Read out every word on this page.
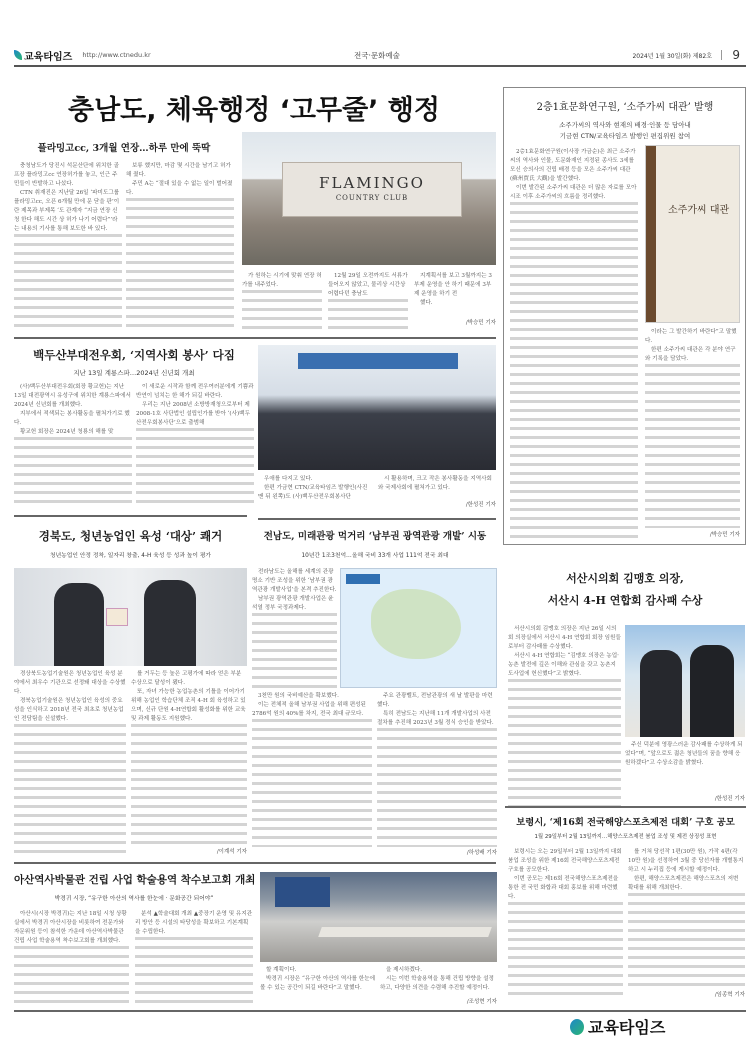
교육타임즈 http://www.ctnedu.kr	전국·문화예술	2024년 1월 30일(화) 제82호 9
충남도, 체육행정 ‘고무줄’ 행정
플라밍고cc, 3개월 연장…하루 만에 뚝딱
FLAMINGO
COUNTRY CLUB

충청남도가 당진시 석문산단에 위치한 골프장 플라밍고cc 연장허가를 놓고, 인근 주민들이 반발하고 나섰다.

CTN 취재진은 지난달 26일 ‘파미도그룹 플라밍고cc, 오픈 6개월 만에 문 닫을 판’이란 제목과 부제목 ‘도 관계자 “지금 연장 신청 한다 해도 시간 상 허가 나기 어렵다”’라는 내용의 기사를 통해 보도한 바 있다.

보류 했지만, 마감 몇 시간을 남기고 허가 해 줬다.

주민 A는 “절대 있을 수 없는 일이 벌어졌다.

가 원하는 시기에 맞춰 연장 허가를 내주었다.

12월 29일 오전까지도 서류가 들어오지 않았고, 물리상 시간상 어렵다던 충남도

지계획서를 보고 3월까지는 3부제 운영을 안 하기 때문에 3부제 운영을 하기 전

했다.

/박승민 기자
2층1효문화연구원, ‘소주가씨 대관’ 발행
소주가씨의 역사와 현재의 배경·인물 등 담아내
기금현 CTN/교육타임즈 발행인 편집위원 참여
소주가씨 대관

2층1효문화연구원(이사장 가금순)은 최근 소주가씨의 역사와 인물, 도문화재인 지정된 종사도 3세를 모신 승의사의 건립 배경 등을 모은 소주가씨 대관(蘇州賈氏 大觀)을 발간했다.

이번 발간된 소주가씨 대관은 더 많은 자료를 모아 시조 이후 소주가씨의 흐름을 정리했다.

이라는 그 발간하기 바란다”고 말했다.

한편 소주가씨 대관은 각 분야 연구와 기록을 담았다.

/박승민 기자
백두산부대전우회, ‘지역사회 봉사’ 다짐
지난 13일 계룡스파…2024년 신년회 개최

(사)백두산부대전우회(회장 황교헌)는 지난 13일 대전광역시 유성구에 위치한 계룡스파에서 2024년 신년회를 개최했다.

지부에서 적색되는 봉사활동을 펼쳐가기로 했다.

황교헌 회장은 2024년 청룡의 해를 맞

이 새로운 시작과 함께 전우여러분에게 기쁨과 반연이 넘치는 한 해가 되길 바란다.

우리는 지난 2008년 소방방재청으로부터 제2008-1호 사단법인 설립인가를 받아 ‘(사)백두산전우회봉사단’으로 출범해

우애를 다지고 있다.

한편 가금현 CTN/교육타임즈 발행인(사진 맨 뒤 왼쪽)도 (사)백두산전우회봉사단

시 활용하며, 크고 작은 봉사활동을 지역사회와 국제사회에 펼쳐가고 있다.

/한성진 기자
경북도, 청년농업인 육성 ‘대상’ 쾌거
청년농업인 안정 정착, 일자리 창출, 4-H 육성 등 성과 높이 평가

경상북도농업기술원은 청년농업인 육성 분야에서 최우수 기관으로 선정돼 대상을 수상했다.

경북농업기술원은 청년농업인 육성의 중요성을 인식하고 2018년 전국 최초로 청년농업인 전담팀을 신설했다.

를 거두는 등 높은 고평가에 따라 얻은 부분 수상으로 달성이 됐다.

또, 자녀 가능한 농업농촌의 기틀을 이어가기 위해 농업인 학습단체 조직 4-H 회 육성하고 있으며, 신규 단원 4-H연합회 활성화를 위한 교육 및 과제 활동도 지원했다.

/이계석 기자
전남도, 미래관광 먹거리 ‘남부권 광역관광 개발’ 시동
10년간 1조3천억…올해 국비 33개 사업 111억 전국 최대

전라남도는 올해를 세계의 관광명소 기반 조성을 위한 ‘남부권 광역관광 개발사업’을 본격 추진한다.

남부권 광역관광 개발사업은 윤석열 정부 국정과제다.

3천만 원의 국비예산을 확보했다.

이는 전체적 올해 남부권 사업을 위해 편성된 2786억 원의 40%를 차지, 전국 최대 규모다.

주요 관광벨트, 전남관광의 새 날 발판을 마련했다.

특히 전남도는 지난해 11개 개발사업의 사전 절차를 추진해 2023년 3월 정식 승인을 받았다.

/하성배 기자
서산시의회 김맹호 의장,
서산시 4-H 연합회 감사패 수상

서산시의회 김맹호 의장은 지난 26일 시의회 의장실에서 서산시 4-H 연합회 회장 임원들로부터 감사패를 수상했다.

서산시 4-H 연합회는 “김맹호 의장은 농업·농촌 발전에 깊은 이해와 관심을 갖고 농촌지도사업에 헌신했다”고 밝혔다.

주신 덕분에 영광스러운 감사패를 수상하게 되었다”며, “앞으로도 젊은 청년들의 꿈을 향해 응원하겠다”고 수상소감을 밝혔다.

/한성진 기자
보령시, ‘제16회 전국해양스포츠제전 대회’ 구호 공모
1월 29일부터 2월 13일까지…해양스포츠제전 붐업 조성 및 제전 상징성 표현

보령시는 오는 29일부터 2월 13일까지 대회 붐업 조성을 위한 제16회 전국해양스포츠제전 구호를 공모한다.

이번 공모는 제16회 전국해양스포츠제전을 통한 전 국민 화합과 대회 홍보를 위해 마련했다.

를 거쳐 당선작 1편(30만 원), 가작 4편(각 10만 원)을 선정하여 3월 중 당선자를 개별통지하고 시 누리집 등에 게시할 예정이다.

한편, 해양스포츠제전은 해양스포츠의 저변 확대를 위해 개최한다.

/임종혁 기자
아산역사박물관 건립 사업 학술용역 착수보고회 개최
박경귀 시장, “유구한 아산의 역사를 한눈에 · 문화공간 되어야”

아산시(시장 박경귀)는 지난 18일 시청 상황실에서 박경귀 아산시장을 비롯하여 전문가와 자문위원 등이 참석한 가운데 아산역사박물관 건립 사업 학술용역 착수보고회를 개최했다.

분석 ▲학술대회 개최 ▲중장기 운영 및 유지관리 방안 등 시설의 타당성을 확보하고 기본계획을 수립한다.

할 계획이다.

박경귀 시장은 “유구한 아산의 역사를 한눈에 볼 수 있는 공간이 되길 바란다”고 말했다.

을 제시하겠다.

시는 이번 학술용역을 통해 건립 방향을 설정하고, 다양한 의견을 수렴해 추진할 예정이다.

/조성현 기자
교육타임즈
